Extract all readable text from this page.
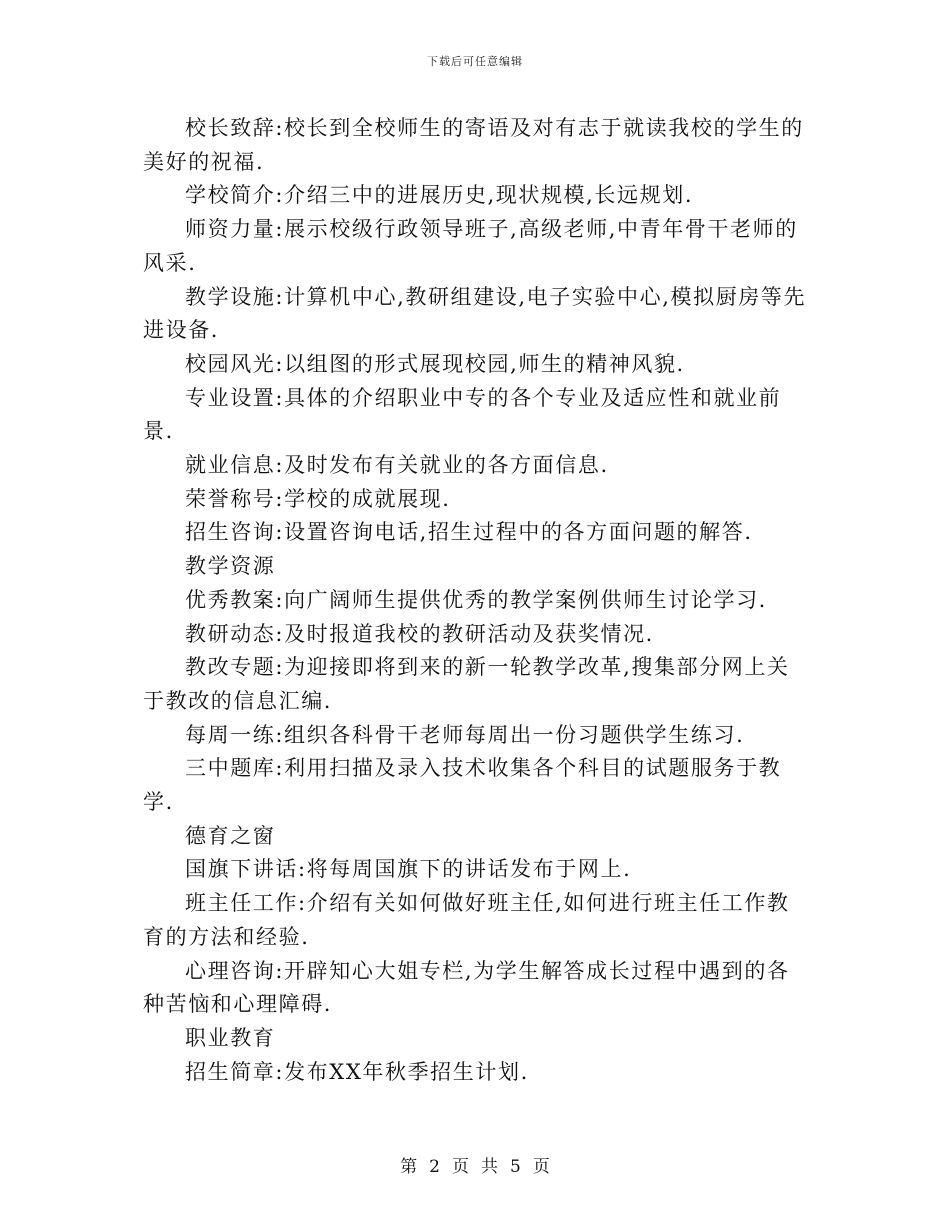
下载后可任意编辑

校长致辞:校长到全校师生的寄语及对有志于就读我校的学生的美好的祝福.

学校简介:介绍三中的进展历史,现状规模,长远规划.

师资力量:展示校级行政领导班子,高级老师,中青年骨干老师的风采.

教学设施:计算机中心,教研组建设,电子实验中心,模拟厨房等先进设备.

校园风光:以组图的形式展现校园,师生的精神风貌.

专业设置:具体的介绍职业中专的各个专业及适应性和就业前景.

就业信息:及时发布有关就业的各方面信息.

荣誉称号:学校的成就展现.

招生咨询:设置咨询电话,招生过程中的各方面问题的解答.

教学资源

优秀教案:向广阔师生提供优秀的教学案例供师生讨论学习.

教研动态:及时报道我校的教研活动及获奖情况.

教改专题:为迎接即将到来的新一轮教学改革,搜集部分网上关于教改的信息汇编.

每周一练:组织各科骨干老师每周出一份习题供学生练习.

三中题库:利用扫描及录入技术收集各个科目的试题服务于教学.

德育之窗

国旗下讲话:将每周国旗下的讲话发布于网上.

班主任工作:介绍有关如何做好班主任,如何进行班主任工作教育的方法和经验.

心理咨询:开辟知心大姐专栏,为学生解答成长过程中遇到的各种苦恼和心理障碍.

职业教育

招生简章:发布XX年秋季招生计划.

第 2 页 共 5 页
